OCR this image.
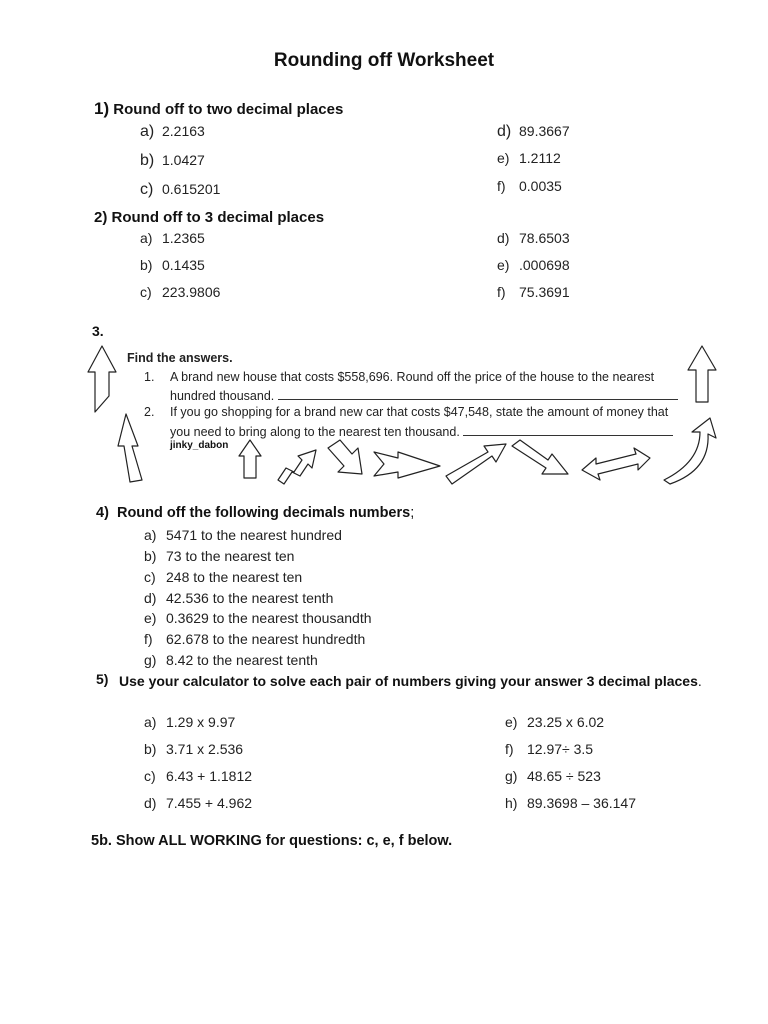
Rounding off Worksheet
1) Round off to two decimal places
a) 2.2163
b) 1.0427
c) 0.615201
d) 89.3667
e) 1.2112
f) 0.0035
2) Round off to 3 decimal places
a) 1.2365
b) 0.1435
c) 223.9806
d) 78.6503
e) .000698
f) 75.3691
3.
Find the answers.
1. A brand new house that costs $558,696. Round off the price of the house to the nearest
hundred thousand.
2. If you go shopping for a brand new car that costs $47,548, state the amount of money that
you need to bring along to the nearest ten thousand.
jinky_dabon
4) Round off the following decimals numbers;
a) 5471 to the nearest hundred
b) 73 to the nearest ten
c) 248 to the nearest ten
d) 42.536 to the nearest tenth
e) 0.3629 to the nearest thousandth
f) 62.678 to the nearest hundredth
g) 8.42 to the nearest tenth
5) Use your calculator to solve each pair of numbers giving your answer 3 decimal places.
a) 1.29 x 9.97
b) 3.71 x 2.536
c) 6.43 + 1.1812
d) 7.455 + 4.962
e) 23.25 x 6.02
f) 12.97÷ 3.5
g) 48.65 ÷ 523
h) 89.3698 – 36.147
5b. Show ALL WORKING for questions: c, e, f below.
